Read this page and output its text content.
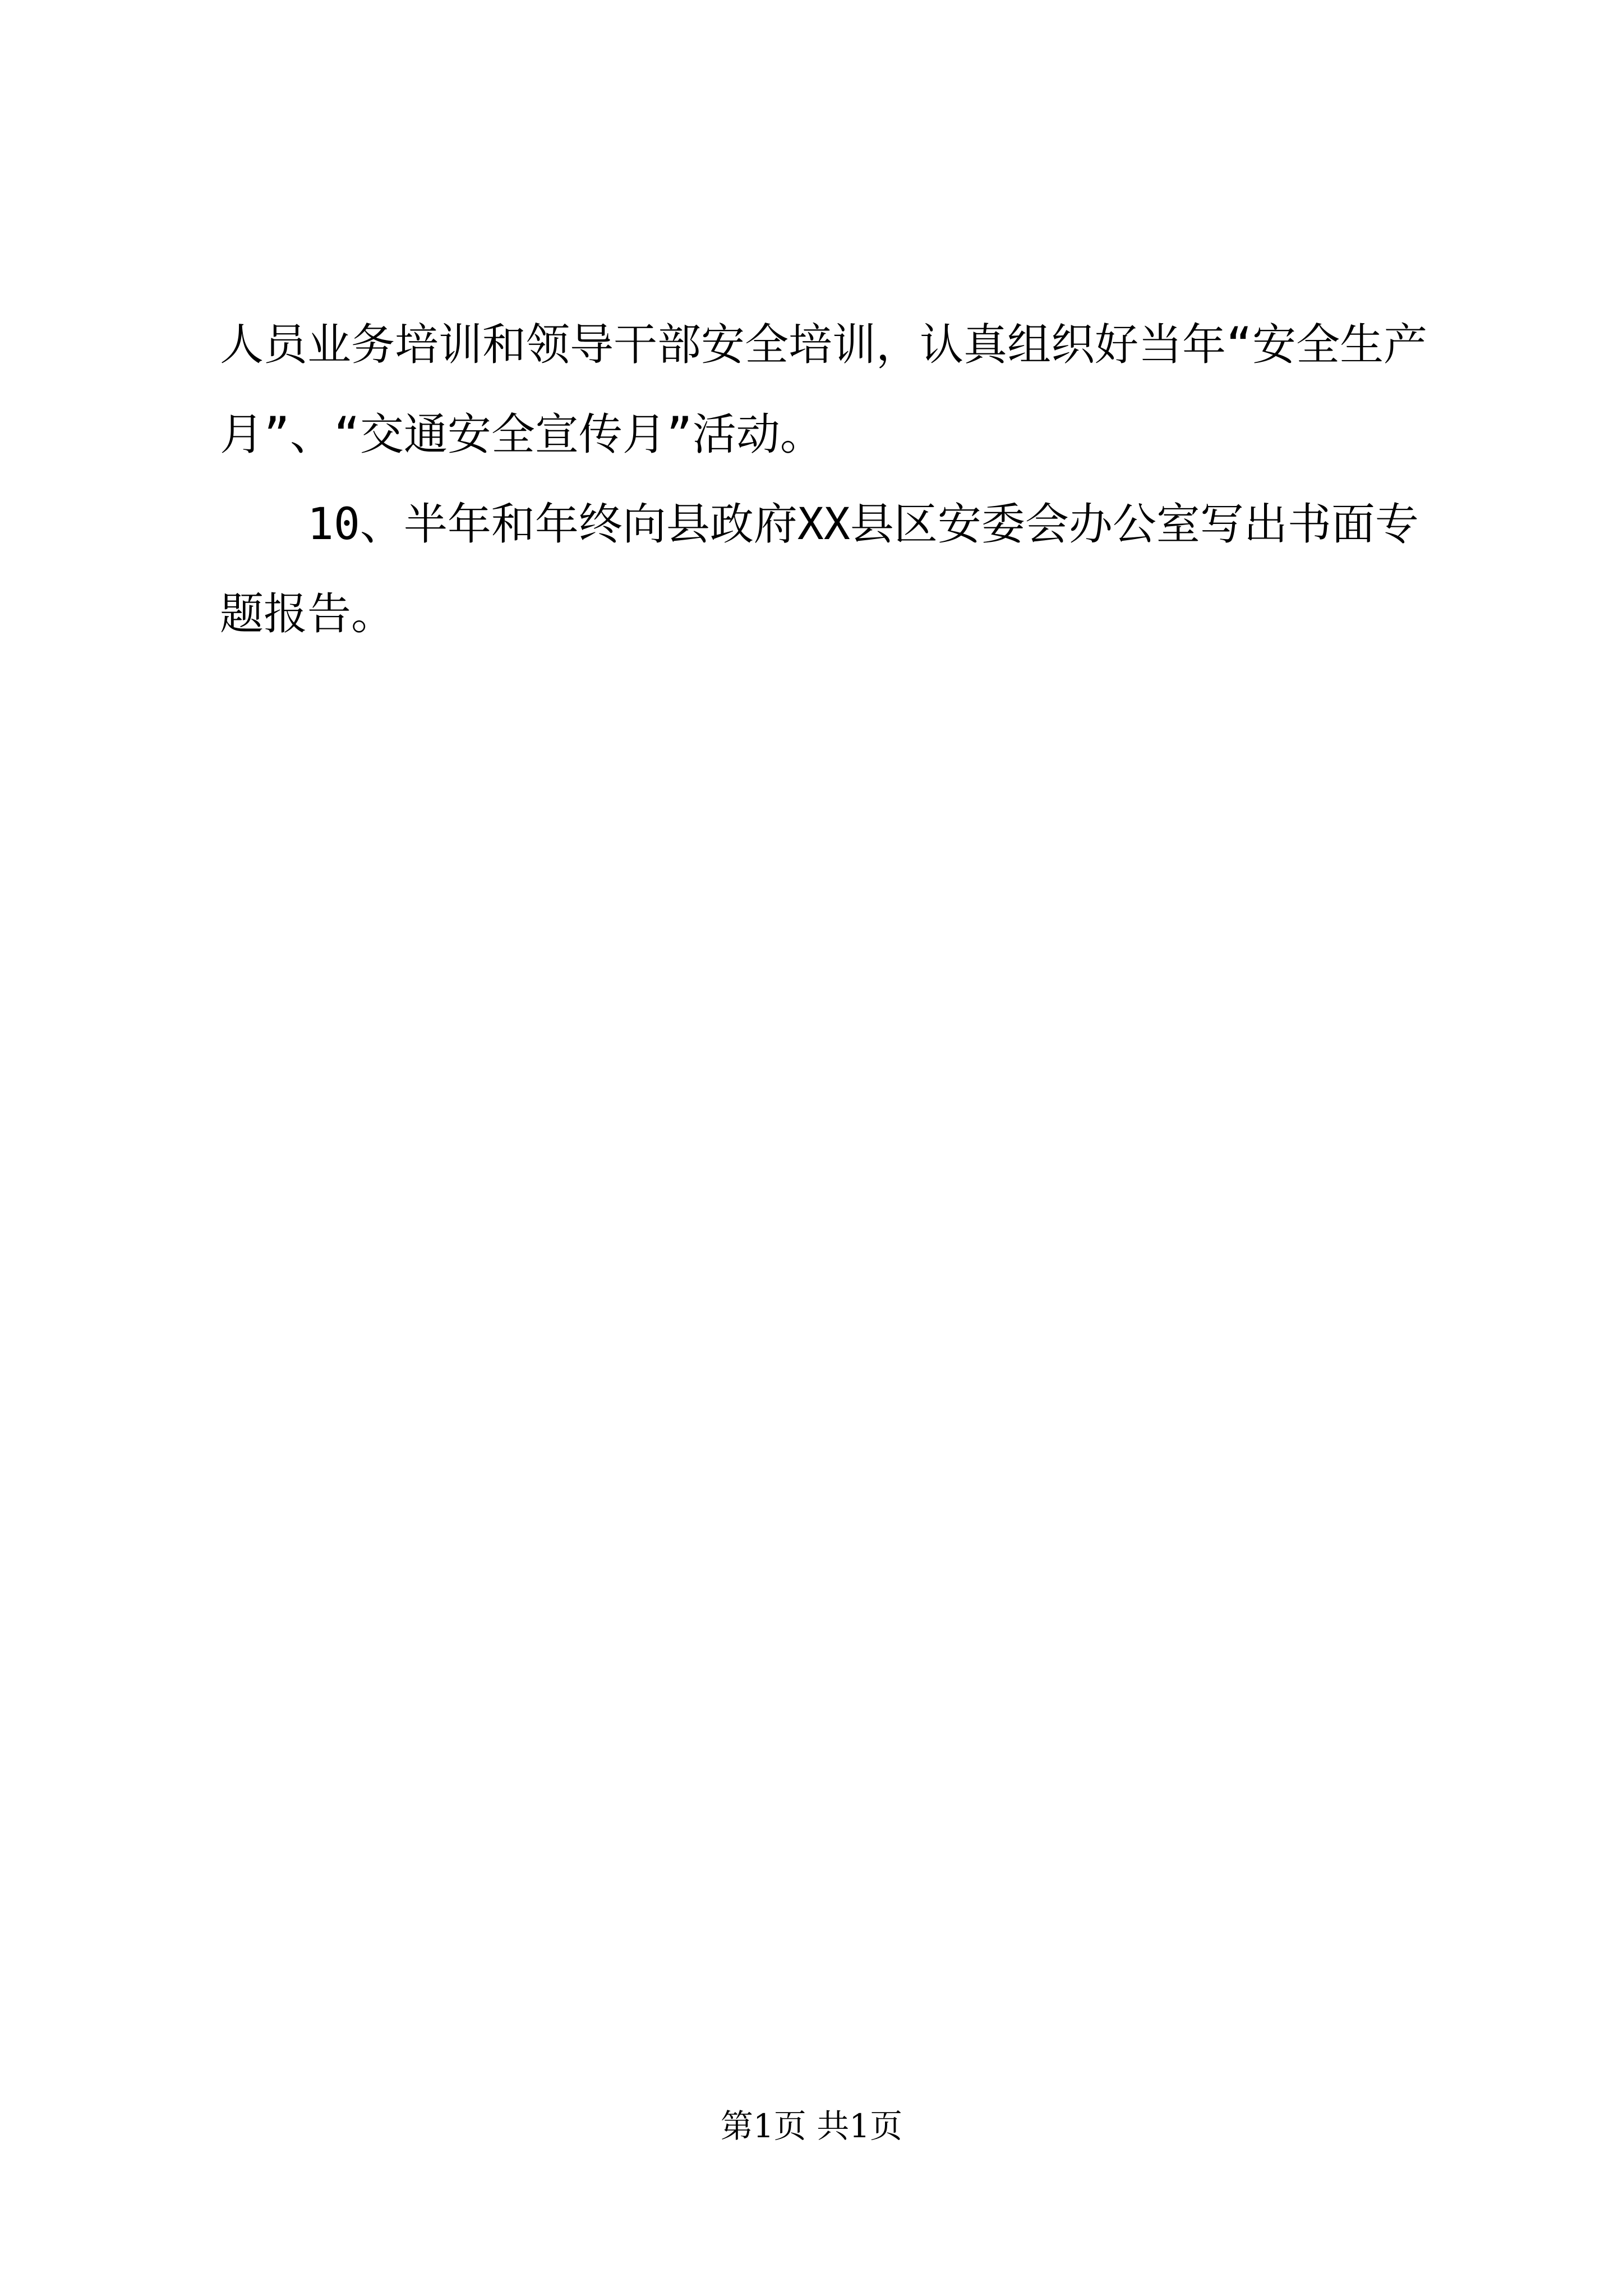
人员业务培训和领导干部安全培训，认真组织好当年“安全生产
月”、“交通安全宣传月”活动。

10、半年和年终向县政府XX县区安委会办公室写出书面专
题报告。

第1页 共1页
